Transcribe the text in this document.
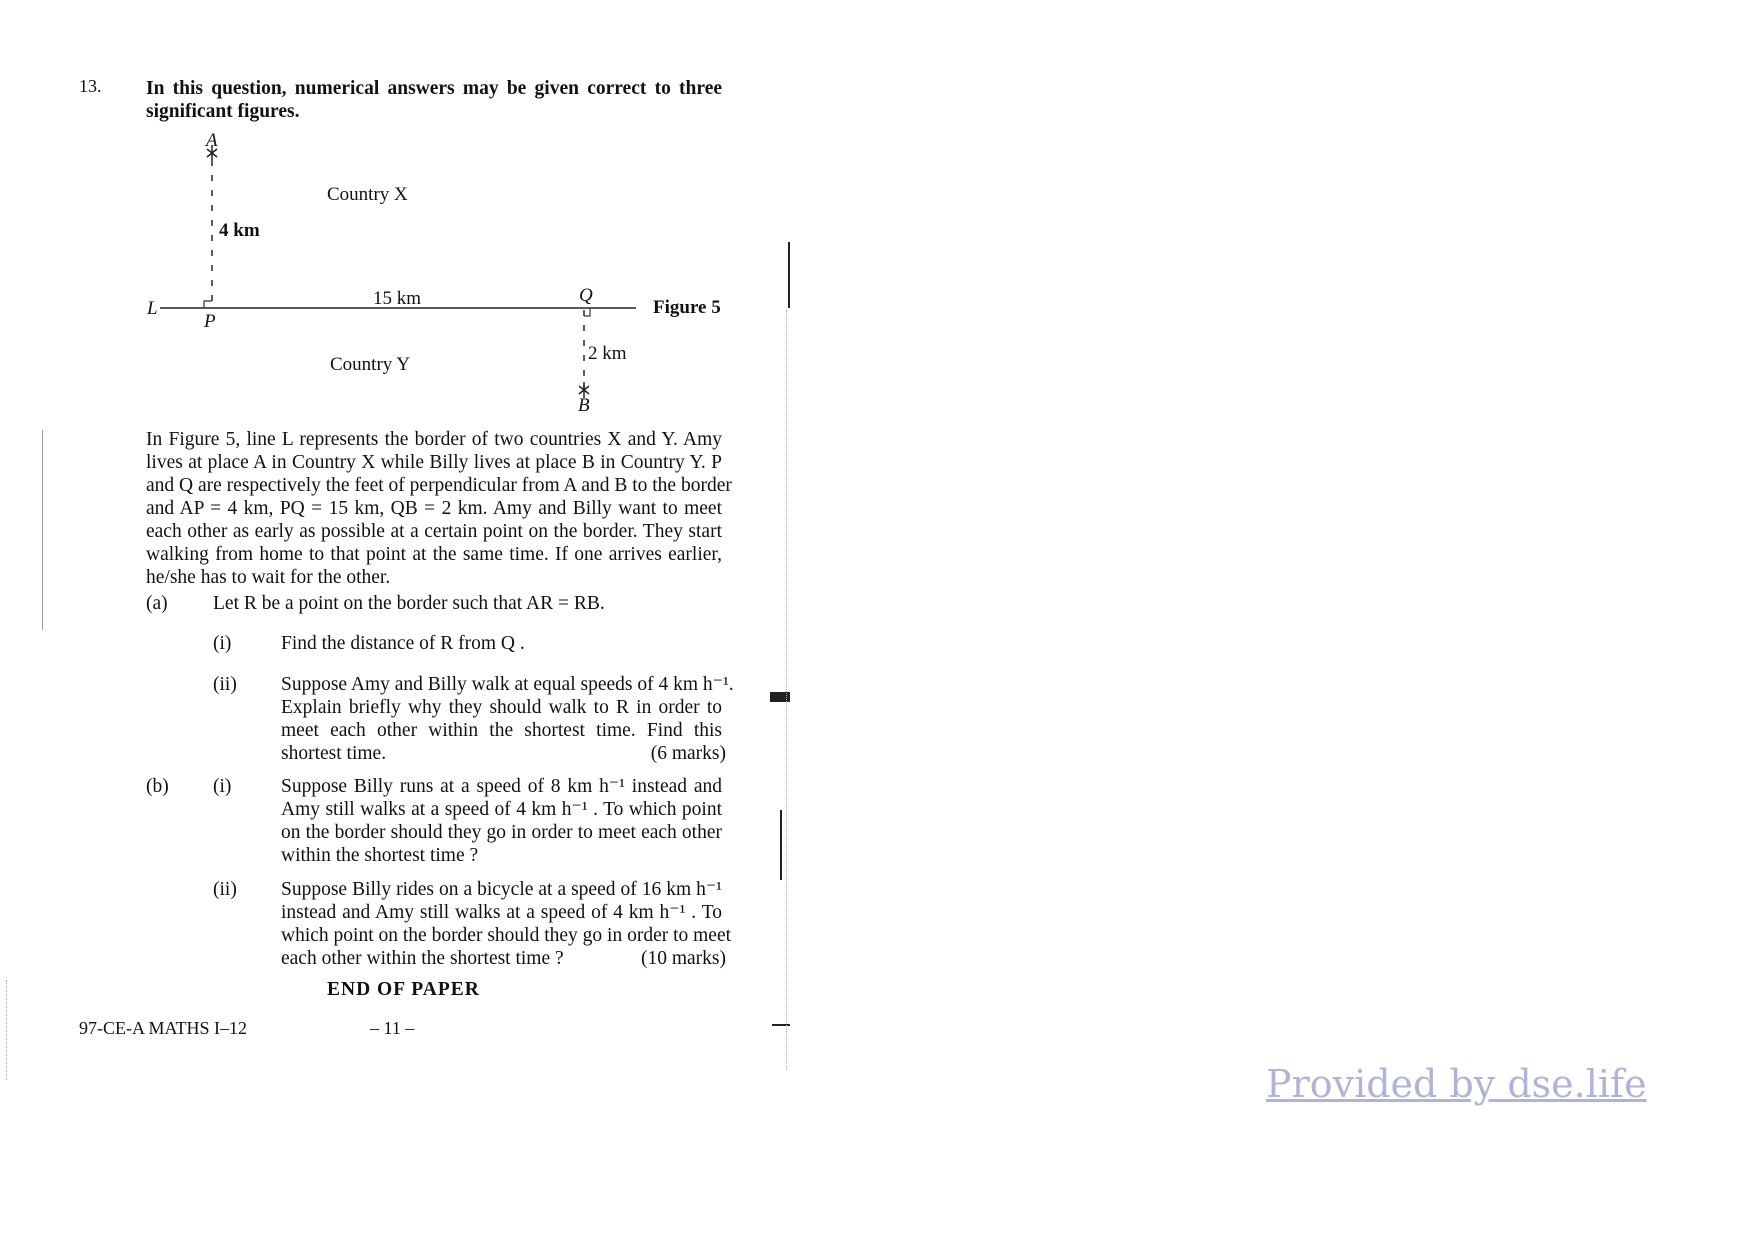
13. In this question, numerical answers may be given correct to three
significant figures.
A
Country X
4 km
L
P
15 km	Q
Figure 5
2 km
Country Y
B
In Figure 5, line L represents the border of two countries X and Y. Amy
lives at place A in Country X while Billy lives at place B in Country Y. P
and Q are respectively the feet of perpendicular from A and B to the border
and AP = 4 km, PQ = 15 km, QB = 2 km. Amy and Billy want to meet
each other as early as possible at a certain point on the border. They start
walking from home to that point at the same time. If one arrives earlier,
he/she has to wait for the other.
(a) Let R be a point on the border such that AR = RB.
(i)	Find the distance of R from Q .
(ii) Suppose Amy and Billy walk at equal speeds of 4 km h⁻¹.
Explain briefly why they should walk to R in order to
meet each other within the shortest time. Find this
shortest time.	(6 marks)
(b) (i)	Suppose Billy runs at a speed of 8 km h⁻¹ instead and
Amy still walks at a speed of 4 km h⁻¹ . To which point
on the border should they go in order to meet each other
within the shortest time ?
(ii) Suppose Billy rides on a bicycle at a speed of 16 km h⁻¹
instead and Amy still walks at a speed of 4 km h⁻¹ . To
which point on the border should they go in order to meet
each other within the shortest time ?	(10 marks)
END OF PAPER
97-CE-A MATHS I–12	– 11 –
Provided by dse.life
